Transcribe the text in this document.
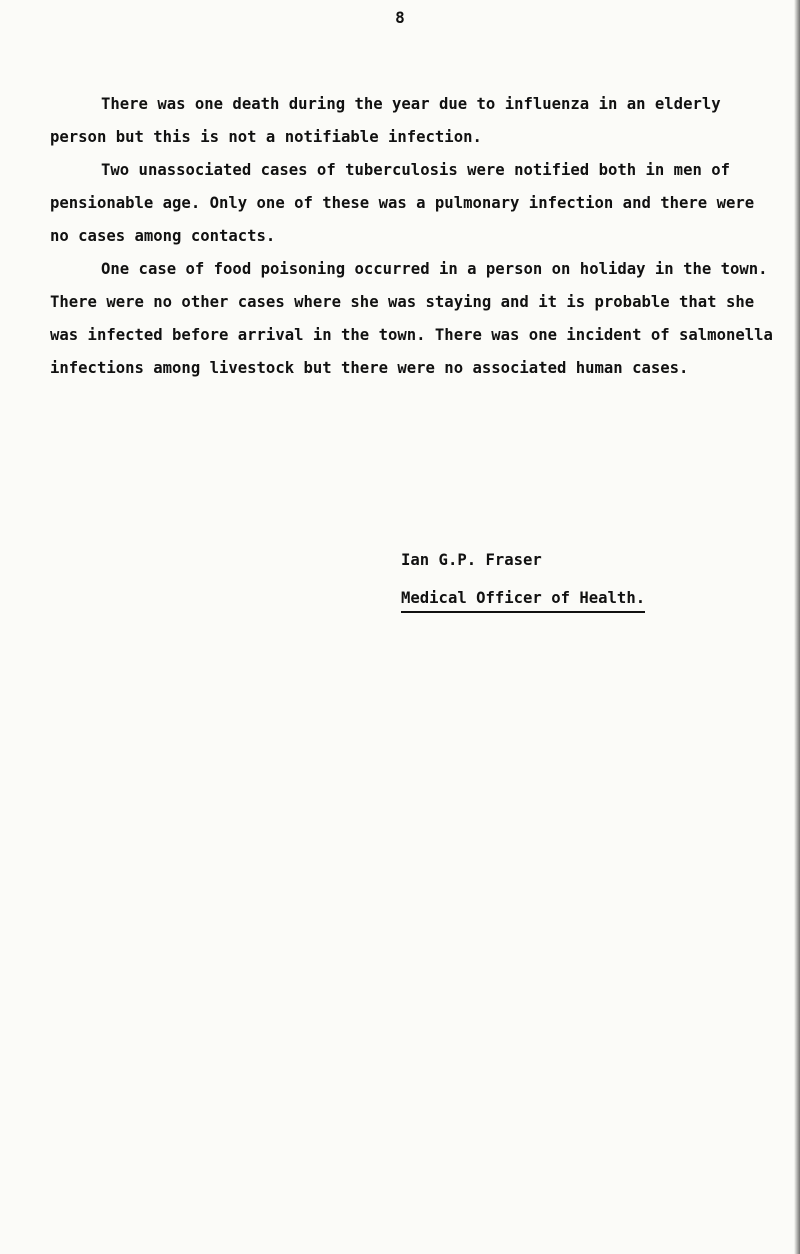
8
There was one death during the year due to influenza in an elderly
person but this is not a notifiable infection.
Two unassociated cases of tuberculosis were notified both in men of
pensionable age. Only one of these was a pulmonary infection and there were
no cases among contacts.
One case of food poisoning occurred in a person on holiday in the town.
There were no other cases where she was staying and it is probable that she
was infected before arrival in the town. There was one incident of salmonella
infections among livestock but there were no associated human cases.
Ian G.P. Fraser
Medical Officer of Health.
